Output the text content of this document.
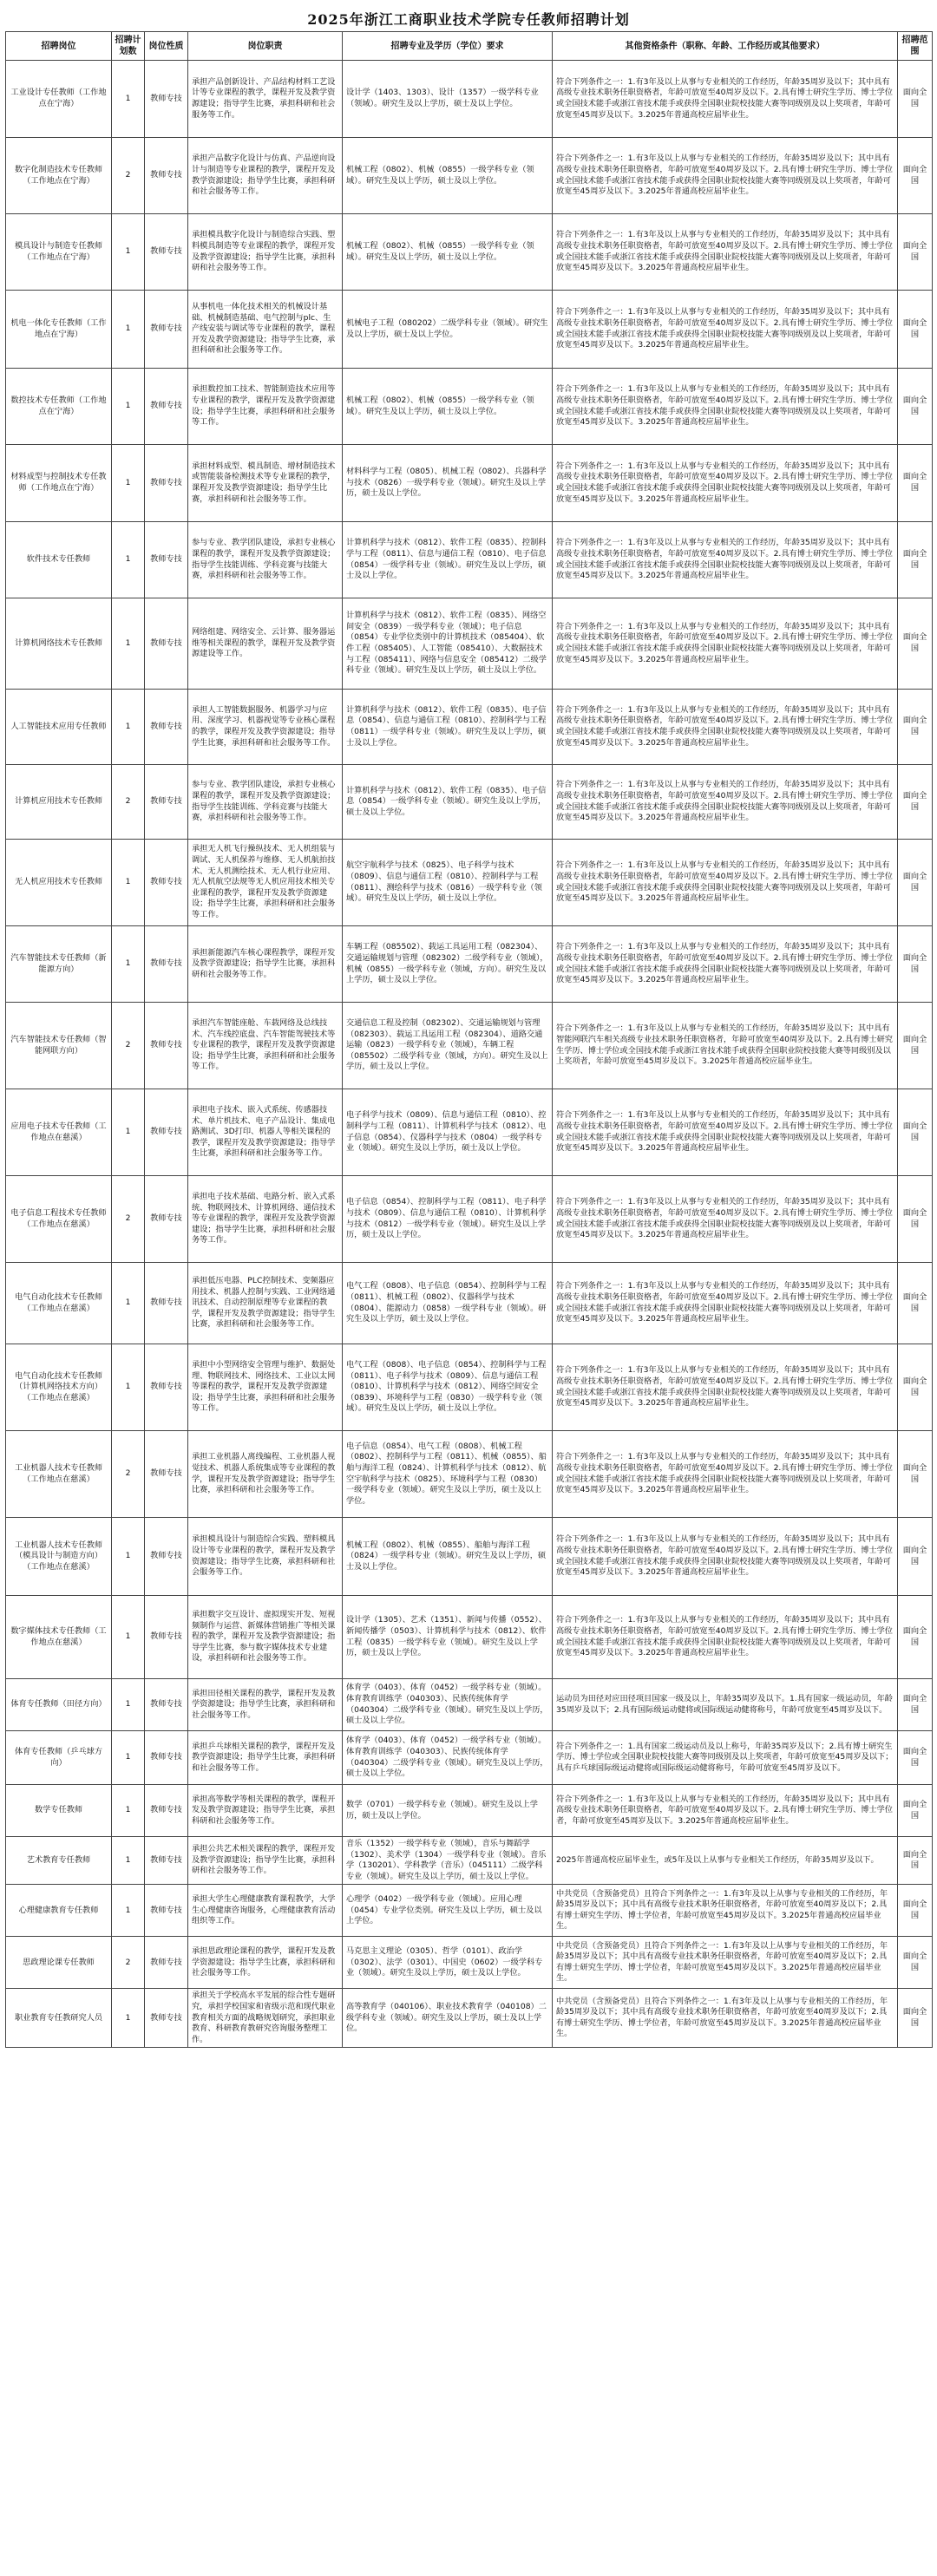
2025年浙江工商职业技术学院专任教师招聘计划
招聘岗位	招聘计划数	岗位性质	岗位职责	招聘专业及学历（学位）要求	其他资格条件（职称、年龄、工作经历或其他要求）	招聘范围
工业设计专任教师（工作地点在宁海）	1	教师专技	承担产品创新设计、产品结构材料工艺设计等专业课程的教学，课程开发及教学资源建设；指导学生比赛，承担科研和社会服务等工作。	设计学（1403、1303）、设计（1357）一级学科专业（领域）。研究生及以上学历，硕士及以上学位。	符合下列条件之一：1.有3年及以上从事与专业相关的工作经历，年龄35周岁及以下；其中具有高级专业技术职务任职资格者，年龄可放宽至40周岁及以下。2.具有博士研究生学历、博士学位或全国技术能手或浙江省技术能手或获得全国职业院校技能大赛等同级别及以上奖项者，年龄可放宽至45周岁及以下。3.2025年普通高校应届毕业生。	面向全国
数字化制造技术专任教师（工作地点在宁海）	2	教师专技	承担产品数字化设计与仿真、产品逆向设计与制造等专业课程的教学，课程开发及教学资源建设；指导学生比赛，承担科研和社会服务等工作。	机械工程（0802）、机械（0855）一级学科专业（领域）。研究生及以上学历，硕士及以上学位。	符合下列条件之一：1.有3年及以上从事与专业相关的工作经历，年龄35周岁及以下；其中具有高级专业技术职务任职资格者，年龄可放宽至40周岁及以下。2.具有博士研究生学历、博士学位或全国技术能手或浙江省技术能手或获得全国职业院校技能大赛等同级别及以上奖项者，年龄可放宽至45周岁及以下。3.2025年普通高校应届毕业生。	面向全国
模具设计与制造专任教师（工作地点在宁海）	1	教师专技	承担模具数字化设计与制造综合实践、塑料模具制造等专业课程的教学，课程开发及教学资源建设；指导学生比赛，承担科研和社会服务等工作。	机械工程（0802）、机械（0855）一级学科专业（领域）。研究生及以上学历，硕士及以上学位。	符合下列条件之一：1.有3年及以上从事与专业相关的工作经历，年龄35周岁及以下；其中具有高级专业技术职务任职资格者，年龄可放宽至40周岁及以下。2.具有博士研究生学历、博士学位或全国技术能手或浙江省技术能手或获得全国职业院校技能大赛等同级别及以上奖项者，年龄可放宽至45周岁及以下。3.2025年普通高校应届毕业生。	面向全国
机电一体化专任教师（工作地点在宁海）	1	教师专技	从事机电一体化技术相关的机械设计基础、机械制造基础、电气控制与plc、生产线安装与调试等专业课程的教学，课程开发及教学资源建设；指导学生比赛，承担科研和社会服务等工作。	机械电子工程（080202）二级学科专业（领域）。研究生及以上学历，硕士及以上学位。	符合下列条件之一：1.有3年及以上从事与专业相关的工作经历，年龄35周岁及以下；其中具有高级专业技术职务任职资格者，年龄可放宽至40周岁及以下。2.具有博士研究生学历、博士学位或全国技术能手或浙江省技术能手或获得全国职业院校技能大赛等同级别及以上奖项者，年龄可放宽至45周岁及以下。3.2025年普通高校应届毕业生。	面向全国
数控技术专任教师（工作地点在宁海）	1	教师专技	承担数控加工技术、智能制造技术应用等专业课程的教学，课程开发及教学资源建设；指导学生比赛，承担科研和社会服务等工作。	机械工程（0802）、机械（0855）一级学科专业（领域）。研究生及以上学历，硕士及以上学位。	符合下列条件之一：1.有3年及以上从事与专业相关的工作经历，年龄35周岁及以下；其中具有高级专业技术职务任职资格者，年龄可放宽至40周岁及以下。2.具有博士研究生学历、博士学位或全国技术能手或浙江省技术能手或获得全国职业院校技能大赛等同级别及以上奖项者，年龄可放宽至45周岁及以下。3.2025年普通高校应届毕业生。	面向全国
材料成型与控制技术专任教师（工作地点在宁海）	1	教师专技	承担材料成型、模具制造、增材制造技术或智能装备检测技术等专业课程的教学，课程开发及教学资源建设；指导学生比赛，承担科研和社会服务等工作。	材料科学与工程（0805）、机械工程（0802）、兵器科学与技术（0826）一级学科专业（领域）。研究生及以上学历，硕士及以上学位。	符合下列条件之一：1.有3年及以上从事与专业相关的工作经历，年龄35周岁及以下；其中具有高级专业技术职务任职资格者，年龄可放宽至40周岁及以下。2.具有博士研究生学历、博士学位或全国技术能手或浙江省技术能手或获得全国职业院校技能大赛等同级别及以上奖项者，年龄可放宽至45周岁及以下。3.2025年普通高校应届毕业生。	面向全国
软件技术专任教师	1	教师专技	参与专业、教学团队建设，承担专业核心课程的教学，课程开发及教学资源建设；指导学生技能训练、学科竞赛与技能大赛，承担科研和社会服务等工作。	计算机科学与技术（0812）、软件工程（0835）、控制科学与工程（0811）、信息与通信工程（0810）、电子信息（0854）一级学科专业（领域）。研究生及以上学历，硕士及以上学位。	符合下列条件之一：1.有3年及以上从事与专业相关的工作经历，年龄35周岁及以下；其中具有高级专业技术职务任职资格者，年龄可放宽至40周岁及以下。2.具有博士研究生学历、博士学位或全国技术能手或浙江省技术能手或获得全国职业院校技能大赛等同级别及以上奖项者，年龄可放宽至45周岁及以下。3.2025年普通高校应届毕业生。	面向全国
计算机网络技术专任教师	1	教师专技	网络组建、网络安全、云计算、服务器运维等相关课程的教学，课程开发及教学资源建设等工作。	计算机科学与技术（0812）、软件工程（0835）、网络空间安全（0839）一级学科专业（领域）；电子信息（0854）专业学位类别中的计算机技术（085404）、软件工程（085405）、人工智能（085410）、大数据技术与工程（085411）、网络与信息安全（085412）二级学科专业（领域）。研究生及以上学历，硕士及以上学位。	符合下列条件之一：1.有3年及以上从事与专业相关的工作经历，年龄35周岁及以下；其中具有高级专业技术职务任职资格者，年龄可放宽至40周岁及以下。2.具有博士研究生学历、博士学位或全国技术能手或浙江省技术能手或获得全国职业院校技能大赛等同级别及以上奖项者，年龄可放宽至45周岁及以下。3.2025年普通高校应届毕业生。	面向全国
人工智能技术应用专任教师	1	教师专技	承担人工智能数据服务、机器学习与应用、深度学习、机器视觉等专业核心课程的教学，课程开发及教学资源建设；指导学生比赛，承担科研和社会服务等工作。	计算机科学与技术（0812）、软件工程（0835）、电子信息（0854）、信息与通信工程（0810）、控制科学与工程（0811）一级学科专业（领域）。研究生及以上学历，硕士及以上学位。	符合下列条件之一：1.有3年及以上从事与专业相关的工作经历，年龄35周岁及以下；其中具有高级专业技术职务任职资格者，年龄可放宽至40周岁及以下。2.具有博士研究生学历、博士学位或全国技术能手或浙江省技术能手或获得全国职业院校技能大赛等同级别及以上奖项者，年龄可放宽至45周岁及以下。3.2025年普通高校应届毕业生。	面向全国
计算机应用技术专任教师	2	教师专技	参与专业、教学团队建设，承担专业核心课程的教学，课程开发及教学资源建设；指导学生技能训练、学科竞赛与技能大赛，承担科研和社会服务等工作。	计算机科学与技术（0812）、软件工程（0835）、电子信息（0854）一级学科专业（领域）。研究生及以上学历，硕士及以上学位。	符合下列条件之一：1.有3年及以上从事与专业相关的工作经历，年龄35周岁及以下；其中具有高级专业技术职务任职资格者，年龄可放宽至40周岁及以下。2.具有博士研究生学历、博士学位或全国技术能手或浙江省技术能手或获得全国职业院校技能大赛等同级别及以上奖项者，年龄可放宽至45周岁及以下。3.2025年普通高校应届毕业生。	面向全国
无人机应用技术专任教师	1	教师专技	承担无人机飞行操纵技术、无人机组装与调试、无人机保养与维修、无人机航拍技术、无人机测绘技术、无人机行业应用、无人机航空法规等无人机应用技术相关专业课程的教学，课程开发及教学资源建设；指导学生比赛，承担科研和社会服务等工作。	航空宇航科学与技术（0825）、电子科学与技术（0809）、信息与通信工程（0810）、控制科学与工程（0811）、测绘科学与技术（0816）一级学科专业（领域）。研究生及以上学历，硕士及以上学位。	符合下列条件之一：1.有3年及以上从事与专业相关的工作经历，年龄35周岁及以下；其中具有高级专业技术职务任职资格者，年龄可放宽至40周岁及以下。2.具有博士研究生学历、博士学位或全国技术能手或浙江省技术能手或获得全国职业院校技能大赛等同级别及以上奖项者，年龄可放宽至45周岁及以下。3.2025年普通高校应届毕业生。	面向全国
汽车智能技术专任教师（新能源方向）	1	教师专技	承担新能源汽车核心课程教学，课程开发及教学资源建设；指导学生比赛，承担科研和社会服务等工作。	车辆工程（085502）、载运工具运用工程（082304）、交通运输规划与管理（082302）二级学科专业（领域），机械（0855）一级学科专业（领域，方向）。研究生及以上学历，硕士及以上学位。	符合下列条件之一：1.有3年及以上从事与专业相关的工作经历，年龄35周岁及以下；其中具有高级专业技术职务任职资格者，年龄可放宽至40周岁及以下。2.具有博士研究生学历、博士学位或全国技术能手或浙江省技术能手或获得全国职业院校技能大赛等同级别及以上奖项者，年龄可放宽至45周岁及以下。3.2025年普通高校应届毕业生。	面向全国
汽车智能技术专任教师（智能网联方向）	2	教师专技	承担汽车智能座舱、车载网络及总线技术、汽车线控底盘、汽车智能驾驶技术等专业课程的教学，课程开发及教学资源建设；指导学生比赛，承担科研和社会服务等工作。	交通信息工程及控制（082302）、交通运输规划与管理（082303）、载运工具运用工程（082304）、道路交通运输（0823）一级学科专业（领域），车辆工程（085502）二级学科专业（领域，方向）。研究生及以上学历，硕士及以上学位。	符合下列条件之一：1.有3年及以上从事与专业相关的工作经历，年龄35周岁及以下；其中具有智能网联汽车相关高级专业技术职务任职资格者，年龄可放宽至40周岁及以下。2.具有博士研究生学历、博士学位或全国技术能手或浙江省技术能手或获得全国职业院校技能大赛等同级别及以上奖项者，年龄可放宽至45周岁及以下。3.2025年普通高校应届毕业生。	面向全国
应用电子技术专任教师（工作地点在慈溪）	1	教师专技	承担电子技术、嵌入式系统、传感器技术、单片机技术、电子产品设计、集成电路测试、3D打印、机器人等相关课程的教学，课程开发及教学资源建设；指导学生比赛，承担科研和社会服务等工作。	电子科学与技术（0809）、信息与通信工程（0810）、控制科学与工程（0811）、计算机科学与技术（0812）、电子信息（0854）、仪器科学与技术（0804）一级学科专业（领域）。研究生及以上学历，硕士及以上学位。	符合下列条件之一：1.有3年及以上从事与专业相关的工作经历，年龄35周岁及以下；其中具有高级专业技术职务任职资格者，年龄可放宽至40周岁及以下。2.具有博士研究生学历、博士学位或全国技术能手或浙江省技术能手或获得全国职业院校技能大赛等同级别及以上奖项者，年龄可放宽至45周岁及以下。3.2025年普通高校应届毕业生。	面向全国
电子信息工程技术专任教师（工作地点在慈溪）	2	教师专技	承担电子技术基础、电路分析、嵌入式系统、物联网技术、计算机网络、通信技术等专业课程的教学，课程开发及教学资源建设；指导学生比赛，承担科研和社会服务等工作。	电子信息（0854）、控制科学与工程（0811）、电子科学与技术（0809）、信息与通信工程（0810）、计算机科学与技术（0812）一级学科专业（领域）。研究生及以上学历，硕士及以上学位。	符合下列条件之一：1.有3年及以上从事与专业相关的工作经历，年龄35周岁及以下；其中具有高级专业技术职务任职资格者，年龄可放宽至40周岁及以下。2.具有博士研究生学历、博士学位或全国技术能手或浙江省技术能手或获得全国职业院校技能大赛等同级别及以上奖项者，年龄可放宽至45周岁及以下。3.2025年普通高校应届毕业生。	面向全国
电气自动化技术专任教师（工作地点在慈溪）	1	教师专技	承担低压电器、PLC控制技术、变频器应用技术、机器人控制与实践、工业网络通讯技术、自动控制原理等专业课程的教学，课程开发及教学资源建设；指导学生比赛，承担科研和社会服务等工作。	电气工程（0808）、电子信息（0854）、控制科学与工程（0811）、机械工程（0802）、仪器科学与技术（0804）、能源动力（0858）一级学科专业（领域）。研究生及以上学历，硕士及以上学位。	符合下列条件之一：1.有3年及以上从事与专业相关的工作经历，年龄35周岁及以下；其中具有高级专业技术职务任职资格者，年龄可放宽至40周岁及以下。2.具有博士研究生学历、博士学位或全国技术能手或浙江省技术能手或获得全国职业院校技能大赛等同级别及以上奖项者，年龄可放宽至45周岁及以下。3.2025年普通高校应届毕业生。	面向全国
电气自动化技术专任教师（计算机网络技术方向）（工作地点在慈溪）	1	教师专技	承担中小型网络安全管理与维护、数据处理、物联网技术、网络技术、工业以太网等课程的教学，课程开发及教学资源建设；指导学生比赛，承担科研和社会服务等工作。	电气工程（0808）、电子信息（0854）、控制科学与工程（0811）、电子科学与技术（0809）、信息与通信工程（0810）、计算机科学与技术（0812）、网络空间安全（0839）、环境科学与工程（0830）一级学科专业（领域）。研究生及以上学历，硕士及以上学位。	符合下列条件之一：1.有3年及以上从事与专业相关的工作经历，年龄35周岁及以下；其中具有高级专业技术职务任职资格者，年龄可放宽至40周岁及以下。2.具有博士研究生学历、博士学位或全国技术能手或浙江省技术能手或获得全国职业院校技能大赛等同级别及以上奖项者，年龄可放宽至45周岁及以下。3.2025年普通高校应届毕业生。	面向全国
工业机器人技术专任教师（工作地点在慈溪）	2	教师专技	承担工业机器人离线编程、工业机器人视觉技术、机器人系统集成等专业课程的教学，课程开发及教学资源建设；指导学生比赛，承担科研和社会服务等工作。	电子信息（0854）、电气工程（0808）、机械工程（0802）、控制科学与工程（0811）、机械（0855）、船舶与海洋工程（0824）、计算机科学与技术（0812）、航空宇航科学与技术（0825）、环境科学与工程（0830）一级学科专业（领域）。研究生及以上学历，硕士及以上学位。	符合下列条件之一：1.有3年及以上从事与专业相关的工作经历，年龄35周岁及以下；其中具有高级专业技术职务任职资格者，年龄可放宽至40周岁及以下。2.具有博士研究生学历、博士学位或全国技术能手或浙江省技术能手或获得全国职业院校技能大赛等同级别及以上奖项者，年龄可放宽至45周岁及以下。3.2025年普通高校应届毕业生。	面向全国
工业机器人技术专任教师（模具设计与制造方向）（工作地点在慈溪）	1	教师专技	承担模具设计与制造综合实践、塑料模具设计等专业课程的教学，课程开发及教学资源建设；指导学生比赛，承担科研和社会服务等工作。	机械工程（0802）、机械（0855）、船舶与海洋工程（0824）一级学科专业（领域）。研究生及以上学历，硕士及以上学位。	符合下列条件之一：1.有3年及以上从事与专业相关的工作经历，年龄35周岁及以下；其中具有高级专业技术职务任职资格者，年龄可放宽至40周岁及以下。2.具有博士研究生学历、博士学位或全国技术能手或浙江省技术能手或获得全国职业院校技能大赛等同级别及以上奖项者，年龄可放宽至45周岁及以下。3.2025年普通高校应届毕业生。	面向全国
数字媒体技术专任教师（工作地点在慈溪）	1	教师专技	承担数字交互设计、虚拟现实开发、短视频制作与运营、新媒体营销推广等相关课程的教学，课程开发及教学资源建设；指导学生比赛，参与数字媒体技术专业建设，承担科研和社会服务等工作。	设计学（1305）、艺术（1351）、新闻与传播（0552）、新闻传播学（0503）、计算机科学与技术（0812）、软件工程（0835）一级学科专业（领域）。研究生及以上学历，硕士及以上学位。	符合下列条件之一：1.有3年及以上从事与专业相关的工作经历，年龄35周岁及以下；其中具有高级专业技术职务任职资格者，年龄可放宽至40周岁及以下。2.具有博士研究生学历、博士学位或全国技术能手或浙江省技术能手或获得全国职业院校技能大赛等同级别及以上奖项者，年龄可放宽至45周岁及以下。3.2025年普通高校应届毕业生。	面向全国
体育专任教师（田径方向）	1	教师专技	承担田径相关课程的教学，课程开发及教学资源建设；指导学生比赛，承担科研和社会服务等工作。	体育学（0403）、体育（0452）一级学科专业（领域）。体育教育训练学（040303）、民族传统体育学（040304）二级学科专业（领域）。研究生及以上学历，硕士及以上学位。	运动员为田径对应田径项目国家一级及以上，年龄35周岁及以下。1.具有国家一级运动员，年龄35周岁及以下；2.具有国际级运动健将或国际级运动健将称号，年龄可放宽至45周岁及以下。	面向全国
体育专任教师（乒乓球方向）	1	教师专技	承担乒乓球相关课程的教学，课程开发及教学资源建设；指导学生比赛，承担科研和社会服务等工作。	体育学（0403）、体育（0452）一级学科专业（领域）。体育教育训练学（040303）、民族传统体育学（040304）二级学科专业（领域）。研究生及以上学历，硕士及以上学位。	符合下列条件之一：1.具有国家二级运动员及以上称号，年龄35周岁及以下；2.具有博士研究生学历、博士学位或全国职业院校技能大赛等同级别及以上奖项者，年龄可放宽至45周岁及以下；具有乒乓球国际级运动健将或国际级运动健将称号，年龄可放宽至45周岁及以下。	面向全国
数学专任教师	1	教师专技	承担高等数学等相关课程的教学，课程开发及教学资源建设；指导学生比赛，承担科研和社会服务等工作。	数学（0701）一级学科专业（领域）。研究生及以上学历，硕士及以上学位。	符合下列条件之一：1.有3年及以上从事与专业相关的工作经历，年龄35周岁及以下；其中具有高级专业技术职务任职资格者，年龄可放宽至40周岁及以下。2.具有博士研究生学历、博士学位者，年龄可放宽至45周岁及以下。3.2025年普通高校应届毕业生。	面向全国
艺术教育专任教师	1	教师专技	承担公共艺术相关课程的教学，课程开发及教学资源建设；指导学生比赛，承担科研和社会服务等工作。	音乐（1352）一级学科专业（领域），音乐与舞蹈学（1302）、美术学（1304）一级学科专业（领域）。音乐学（130201）、学科教学（音乐）（045111）二级学科专业（领域）。研究生及以上学历，硕士及以上学位。	2025年普通高校应届毕业生，或5年及以上从事与专业相关工作经历，年龄35周岁及以下。	面向全国
心理健康教育专任教师	1	教师专技	承担大学生心理健康教育课程教学，大学生心理健康咨询服务，心理健康教育活动组织等工作。	心理学（0402）一级学科专业（领域）。应用心理（0454）专业学位类别。研究生及以上学历，硕士及以上学位。	中共党员（含预备党员）且符合下列条件之一：1.有3年及以上从事与专业相关的工作经历，年龄35周岁及以下；其中具有高级专业技术职务任职资格者，年龄可放宽至40周岁及以下；2.具有博士研究生学历、博士学位者，年龄可放宽至45周岁及以下。3.2025年普通高校应届毕业生。	面向全国
思政理论课专任教师	2	教师专技	承担思政理论课程的教学，课程开发及教学资源建设；指导学生比赛，承担科研和社会服务等工作。	马克思主义理论（0305）、哲学（0101）、政治学（0302）、法学（0301）、中国史（0602）一级学科专业（领域）。研究生及以上学历，硕士及以上学位。	中共党员（含预备党员）且符合下列条件之一：1.有3年及以上从事与专业相关的工作经历，年龄35周岁及以下；其中具有高级专业技术职务任职资格者，年龄可放宽至40周岁及以下；2.具有博士研究生学历、博士学位者，年龄可放宽至45周岁及以下。3.2025年普通高校应届毕业生。	面向全国
职业教育专任教研究人员	1	教师专技	承担关于学校高水平发展的综合性专题研究，承担学校国家和省级示范和现代职业教育相关方面的战略规划研究，承担职业教育、科研教育教研究咨询服务整理工作。	高等教育学（040106）、职业技术教育学（040108）二级学科专业（领域）。研究生及以上学历，硕士及以上学位。	中共党员（含预备党员）且符合下列条件之一：1.有3年及以上从事与专业相关的工作经历，年龄35周岁及以下；其中具有高级专业技术职务任职资格者，年龄可放宽至40周岁及以下；2.具有博士研究生学历、博士学位者，年龄可放宽至45周岁及以下。3.2025年普通高校应届毕业生。	面向全国
